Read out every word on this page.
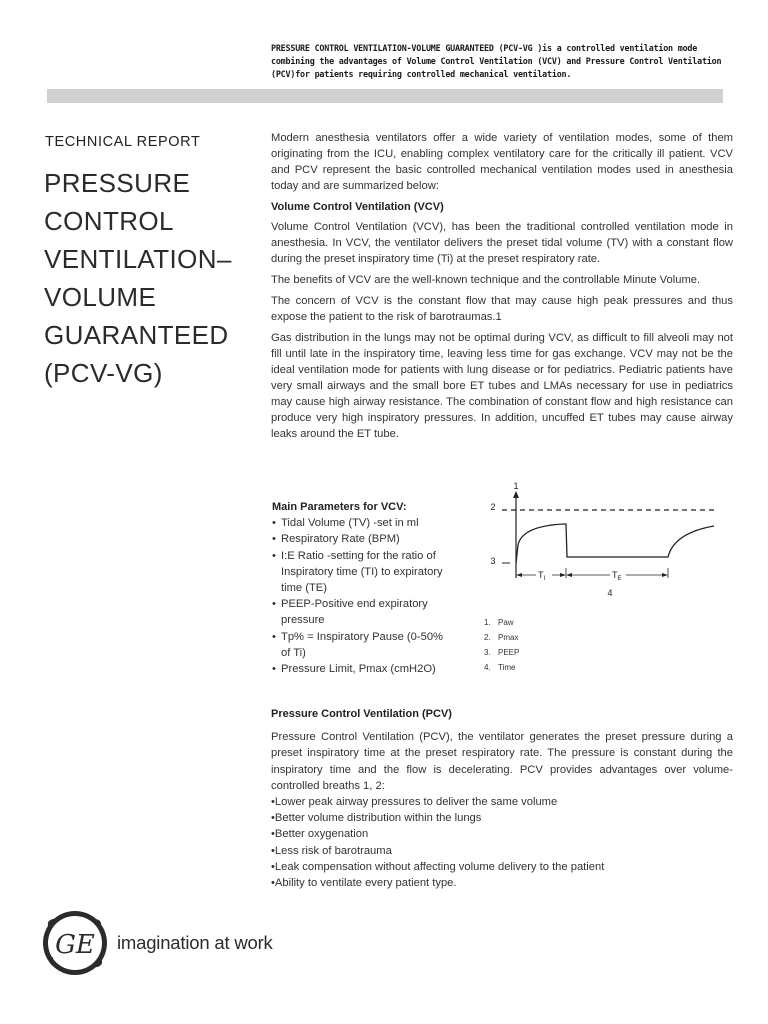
PRESSURE CONTROL VENTILATION-VOLUME GUARANTEED (PCV-VG )is a controlled ventilation mode combining the advantages of Volume Control Ventilation (VCV) and Pressure Control Ventilation (PCV)for patients requiring controlled mechanical ventilation.
TECHNICAL REPORT
PRESSURE
CONTROL
VENTILATION–
VOLUME
GUARANTEED
(PCV-VG)

Modern anesthesia ventilators offer a wide variety of ventilation modes, some of them originating from the ICU, enabling complex ventilatory care for the critically ill patient. VCV and PCV represent the basic controlled mechanical ventilation modes used in anesthesia today and are summarized below:

Volume Control Ventilation (VCV)

Volume Control Ventilation (VCV), has been the traditional controlled ventilation mode in anesthesia. In VCV, the ventilator delivers the preset tidal volume (TV) with a constant flow during the preset inspiratory time (Ti) at the preset respiratory rate.

The benefits of VCV are the well-known technique and the controllable Minute Volume.

The concern of VCV is the constant flow that may cause high peak pressures and thus expose the patient to the risk of barotraumas.1

Gas distribution in the lungs may not be optimal during VCV, as difficult to fill alveoli may not fill until late in the inspiratory time, leaving less time for gas exchange. VCV may not be the ideal ventilation mode for patients with lung disease or for pediatrics. Pediatric patients have very small airways and the small bore ET tubes and LMAs necessary for use in pediatrics may cause high airway resistance. The combination of constant flow and high resistance can produce very high inspiratory pressures. In addition, uncuffed ET tubes may cause airway leaks around the ET tube.

Main Parameters for VCV:
• Tidal Volume (TV) -set in ml
• Respiratory Rate (BPM)
• I:E Ratio -setting for the ratio of Inspiratory time (TI) to expiratory time (TE)
• PEEP-Positive end expiratory pressure
• Tp% = Inspiratory Pause (0-50% of Ti)
• Pressure Limit, Pmax (cmH2O)
1
2
3
4
$T_I$	$T_E$
1. Paw
2. Pmax
3. PEEP
4. Time
Pressure Control Ventilation (PCV)

Pressure Control Ventilation (PCV), the ventilator generates the preset pressure during a preset inspiratory time at the preset respiratory rate. The pressure is constant during the inspiratory time and the flow is decelerating. PCV provides advantages over volume-controlled breaths 1, 2:

• Lower peak airway pressures to deliver the same volume
• Better volume distribution within the lungs
• Better oxygenation
• Less risk of barotrauma
• Leak compensation without affecting volume delivery to the patient
• Ability to ventilate every patient type.
GE imagination at work
